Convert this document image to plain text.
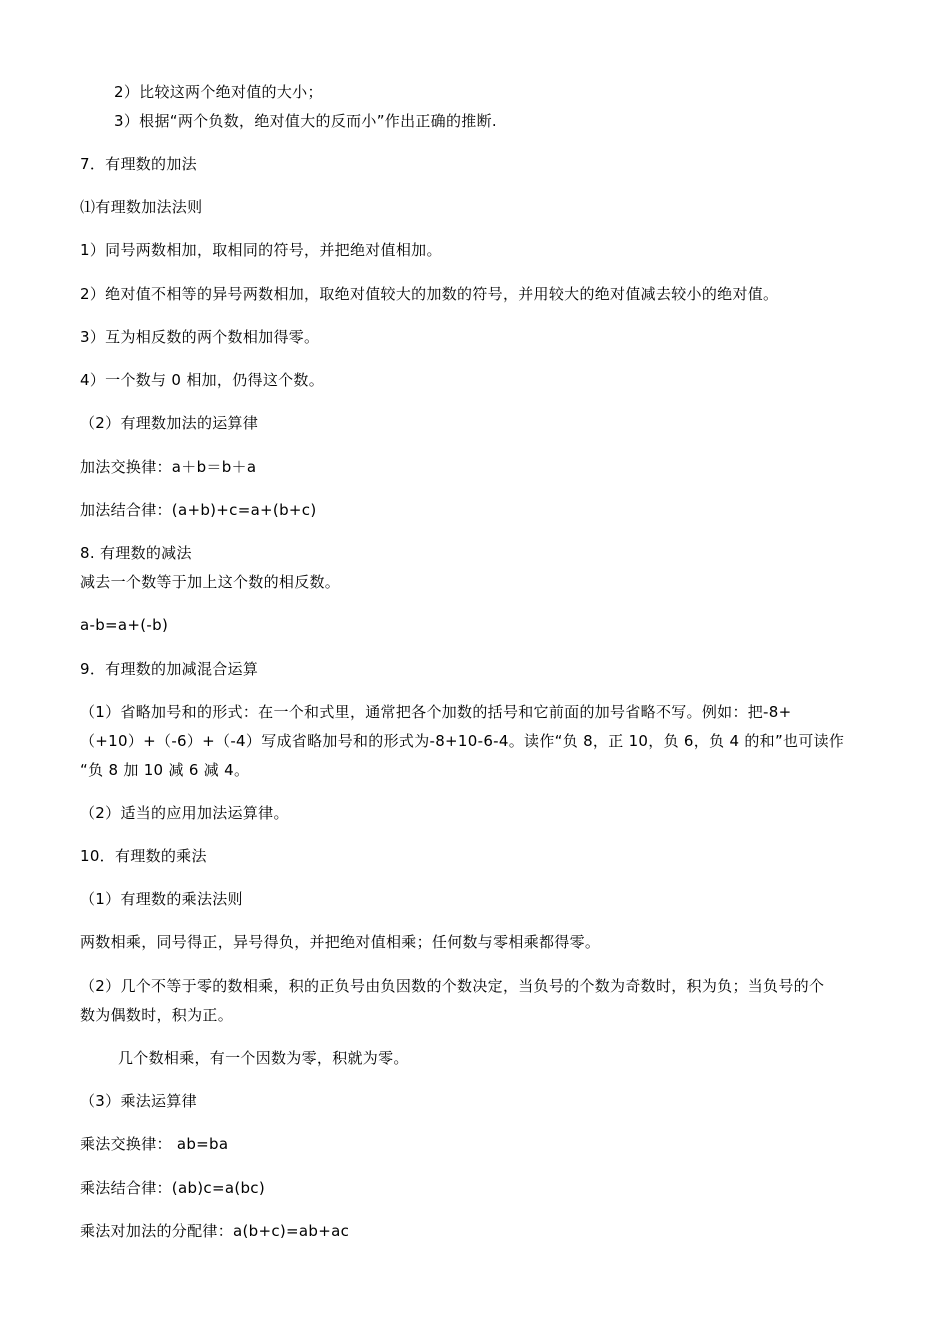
2）比较这两个绝对值的大小；
3）根据“两个负数，绝对值大的反而小”作出正确的推断.
7．有理数的加法
⑴有理数加法法则
1）同号两数相加，取相同的符号，并把绝对值相加。
2）绝对值不相等的异号两数相加，取绝对值较大的加数的符号，并用较大的绝对值减去较小的绝对值。
3）互为相反数的两个数相加得零。
4）一个数与 0 相加，仍得这个数。
（2）有理数加法的运算律
加法交换律：a＋b＝b＋a
加法结合律：(a+b)+c=a+(b+c)
8. 有理数的减法
减去一个数等于加上这个数的相反数。
a-b=a+(-b)
9．有理数的加减混合运算
（1）省略加号和的形式：在一个和式里，通常把各个加数的括号和它前面的加号省略不写。例如：把-8+
（+10）+（-6）+（-4）写成省略加号和的形式为-8+10-6-4。读作“负 8，正 10，负 6，负 4 的和”也可读作
“负 8 加 10 减 6 减 4。
（2）适当的应用加法运算律。
10．有理数的乘法
（1）有理数的乘法法则
两数相乘，同号得正，异号得负，并把绝对值相乘；任何数与零相乘都得零。
（2）几个不等于零的数相乘，积的正负号由负因数的个数决定，当负号的个数为奇数时，积为负；当负号的个
数为偶数时，积为正。
几个数相乘，有一个因数为零，积就为零。
（3）乘法运算律
乘法交换律： ab=ba
乘法结合律：(ab)c=a(bc)
乘法对加法的分配律：a(b+c)=ab+ac
